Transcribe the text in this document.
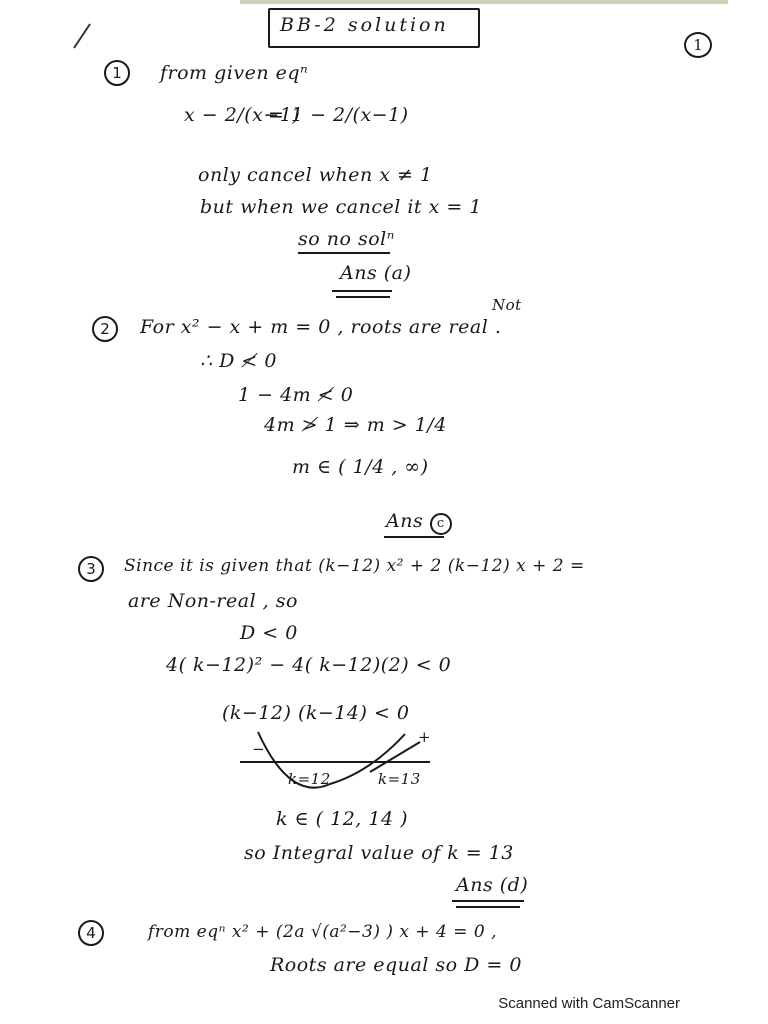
BB-2 solution
1
1	from given eqⁿ
x − 2/(x−1)
= 1 − 2/(x−1)
only cancel when x ≠ 1
but when we cancel it x = 1
so no solⁿ
Ans (a)
2
Not
For x² − x + m = 0 , roots are real .
∴ D ≮ 0
1 − 4m ≮ 0
4m ≯ 1 ⇒ m > 1/4
m ∈ ( 1/4 , ∞)
Ans c
3	Since it is given that (k−12) x² + 2 (k−12) x + 2 =
are Non-real , so
D < 0
4( k−12)² − 4( k−12)(2) < 0
(k−12) (k−14) < 0
−
+
k=12	k=13
k ∈ ( 12, 14 )
so Integral value of k = 13
Ans (d)
4	from eqⁿ x² + (2a √(a²−3) ) x + 4 = 0 ,
Roots are equal so D = 0
Scanned with CamScanner
